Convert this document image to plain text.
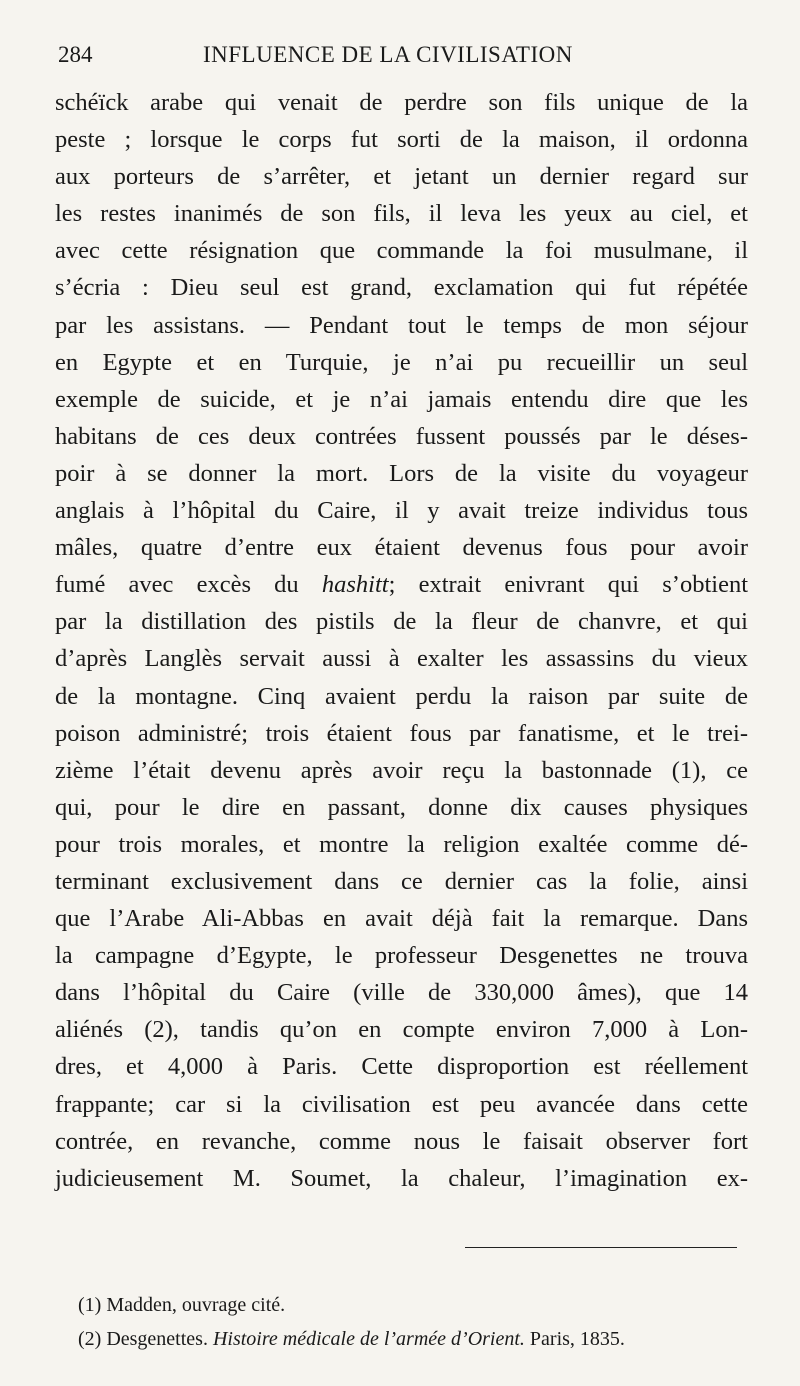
284	INFLUENCE DE LA CIVILISATION
schéïck arabe qui venait de perdre son fils unique de la
peste ; lorsque le corps fut sorti de la maison, il ordonna
aux porteurs de s’arrêter, et jetant un dernier regard sur
les restes inanimés de son fils, il leva les yeux au ciel, et
avec cette résignation que commande la foi musulmane, il
s’écria : Dieu seul est grand, exclamation qui fut répétée
par les assistans. — Pendant tout le temps de mon séjour
en Egypte et en Turquie, je n’ai pu recueillir un seul
exemple de suicide, et je n’ai jamais entendu dire que les
habitans de ces deux contrées fussent poussés par le déses-
poir à se donner la mort. Lors de la visite du voyageur
anglais à l’hôpital du Caire, il y avait treize individus tous
mâles, quatre d’entre eux étaient devenus fous pour avoir
fumé avec excès du hashitt; extrait enivrant qui s’obtient
par la distillation des pistils de la fleur de chanvre, et qui
d’après Langlès servait aussi à exalter les assassins du vieux
de la montagne. Cinq avaient perdu la raison par suite de
poison administré; trois étaient fous par fanatisme, et le trei-
zième l’était devenu après avoir reçu la bastonnade (1), ce
qui, pour le dire en passant, donne dix causes physiques
pour trois morales, et montre la religion exaltée comme dé-
terminant exclusivement dans ce dernier cas la folie, ainsi
que l’Arabe Ali-Abbas en avait déjà fait la remarque. Dans
la campagne d’Egypte, le professeur Desgenettes ne trouva
dans l’hôpital du Caire (ville de 330,000 âmes), que 14
aliénés (2), tandis qu’on en compte environ 7,000 à Lon-
dres, et 4,000 à Paris. Cette disproportion est réellement
frappante; car si la civilisation est peu avancée dans cette
contrée, en revanche, comme nous le faisait observer fort
judicieusement M. Soumet, la chaleur, l’imagination ex-
(1) Madden, ouvrage cité.
(2) Desgenettes. Histoire médicale de l’armée d’Orient. Paris, 1835.
